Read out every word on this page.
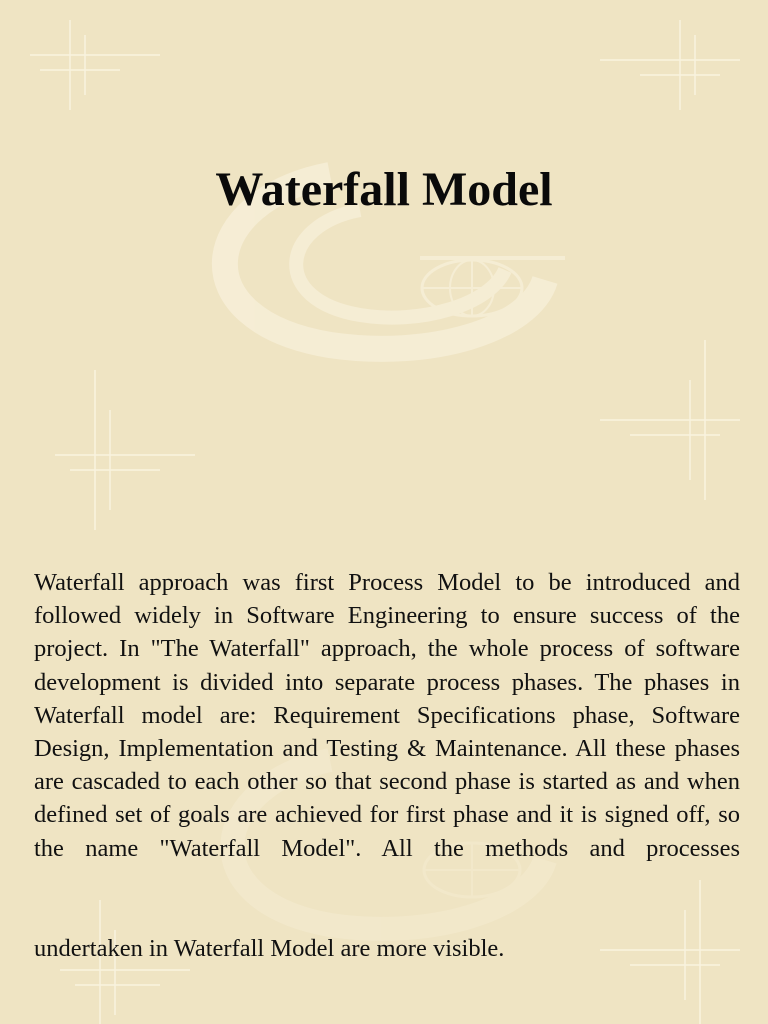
Waterfall Model

Waterfall approach was first Process Model to be introduced and followed widely in Software Engineering to ensure success of the project. In "The Waterfall" approach, the whole process of software development is divided into separate process phases. The phases in Waterfall model are: Requirement Specifications phase, Software Design, Implementation and Testing & Maintenance. All these phases are cascaded to each other so that second phase is started as and when defined set of goals are achieved for first phase and it is signed off, so the name "Waterfall Model". All the methods and processes

undertaken in Waterfall Model are more visible.
